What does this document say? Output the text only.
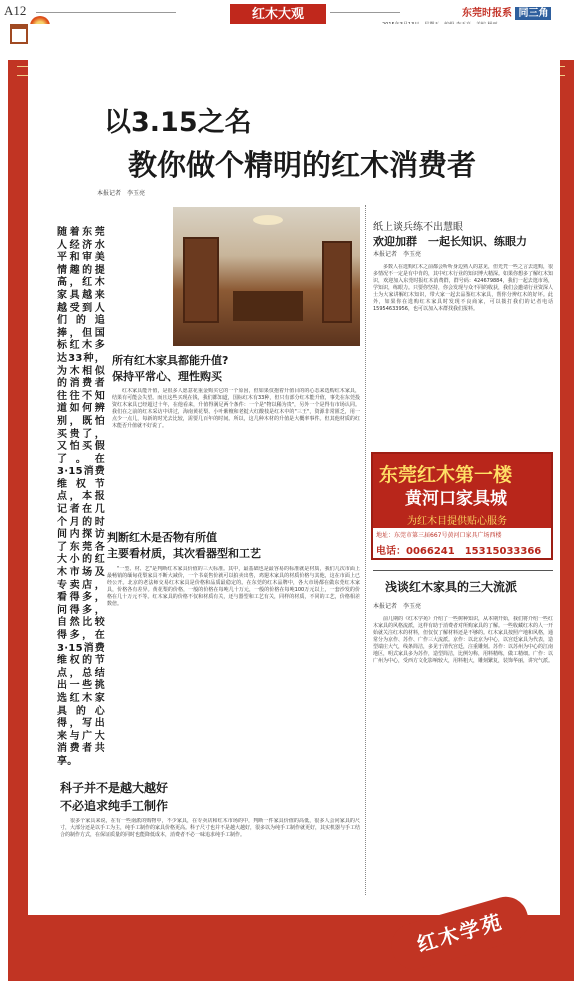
A12	红木大观	东莞时报系 同三角
以3.15之名
教你做个精明的红木消费者
本报记者　李玉亮
随着东莞人经济水平和审美情趣的提高，红木家具越来越受到人们的追捧，但国标红木多达33种，为木相似的消费者往往不知道如何辨别，既怕买贵了，又怕买假了。在3·15消费维权节点，本报记者在几个月的时间内探访了东莞各大小的红木市场及专卖店，看得多，问得多，自然比较得多，在3·15消费维权的节点，总结出一些挑选红木家具的心得，写出来与广大消费者共享。
所有红木家具都能升值?
保持平常心、理性购买
红木家具能升值，是很多人愿意花重金购买它的一个原因，但如果仅抱着升值目的的心态来选购红木家具，结果有可能会失望。而且这些买现在钱，我们都知道，国标红木有33种，但只有部分红木能升值，事先在东莞投资红木家具已经超过十年，在他看来，升值得满足两个条件：一个是"物以稀为贵"，另外一个是得有市场认同。我们在之前的红木采访中讲过，海南黄花梨、小叶紫檀和老挝大红酸枝是红木中的"三王"，资源非常匮乏，用一点少一点儿，每新的时光去比较，需要几百年的时间。所以，这几种木材的升值是大概率事件。但其他材质的红木能否升值就不好说了。
判断红木是否物有所值
主要看材质，其次看器型和工艺
"一型、材、艺"是判断红木家具价值的三大标准。其中，最基础也是最容易的标准就是材质，我们几次市面上最畅销的缅甸花梨家具不断大减价，一个书桌售价就可以拍卖出售，鸡翅木家具的材质价格与其他，这在市面上已经公开。北京的老法师交易红木家具是价格和品质最稳定的。在东莞的红木品牌中，各大市场都在做东莞红木家具，价格各有差异。黄花梨的价格，一般的价格在每吨几十万元，一般的价格在每吨100万元以上，一套沙发的价格在几十万元不等。红木家具的价格不仅和材质有关，还与器型和工艺有关，同样的材质，不同的工艺，价格相差数倍。
科子并不是越大越好
不必追求纯手工制作
很多个家具来说，在有一些南派的购物中，不少家具，在专卖店和红木市场的中，判断一件家具价值的高低，很多人会问家具的尺寸，大部分还是以手工为主，纯手工制作的家具价格更高。科子尺寸也并不是越大越好，很多以为纯手工制作就更好，其实机器与手工结合的制作方式，在保证质量的同时也能降低成本，消费者不必一味追求纯手工制作。
纸上谈兵练不出慧眼
欢迎加群　一起长知识、练眼力
本报记者　李玉亮
多数人在选购红木之前都会听听身边熟人的意见，但光凭一些之言去选购，很多情况不一定是有中肯的，其中红木行业的知识博大精深。如果你想多了解红木知识，欢迎加入东莞时报红木消费群，群号码：424679884，我们一起去逛市场，学知识，练眼力。只要你坚持，你会发现与众不同的收获，我们会邀请行业资深人士为大家讲解红木知识，带大家一起去品鉴红木家具，帮你分辨红木的好坏。此外，如果你在选购红木家具时发现不良商家，可以拨打我们的记者电话15954633956，也可以加入本群找我们报料。
东莞红木第一楼
黄河口家具城
为红木目提供贴心服务
地址：东莞市第三届667号黄河口家具广场西楼
电话：0066241　15315033366
浅谈红木家具的三大流派
本报记者　李玉亮
前几期的《红木学苑》介绍了一些树种知识，从本期开始，我们将介绍一些红木家具的风格流派，这样有助于消费者对所购家具的了解。一些收藏红木的人一开始就关注红木的材料，但仅仅了解材料还是不够的。红木家具按照产地和风格，通常分为京作、苏作、广作三大流派。京作：以北京为中心，以宫廷家具为代表，造型端庄大气，线条简洁，多见于清代宫廷，注重雕刻。苏作：以苏州为中心的江南地区，明式家具多为苏作，造型简洁，比例匀称，用料精练，做工精细。广作：以广州为中心，受西方文化影响较大，用料粗大，雕刻繁复，装饰华丽，讲究气派。
红木学苑
